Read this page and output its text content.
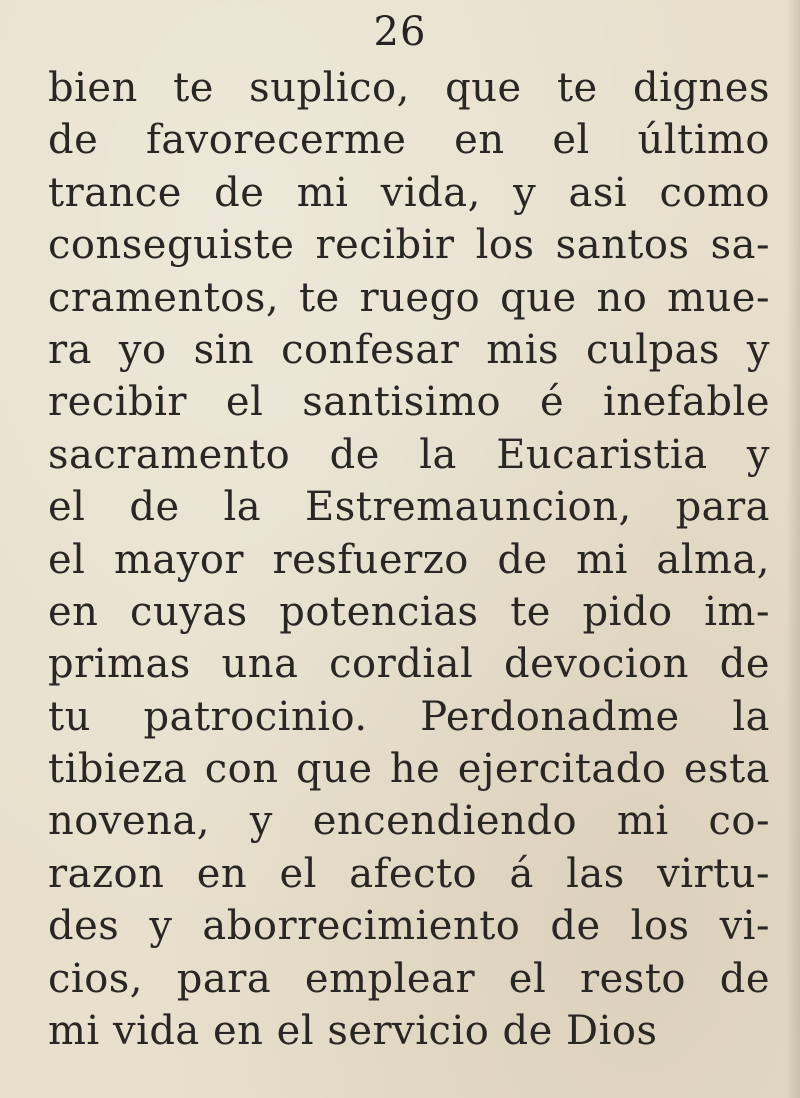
26
bien te suplico, que te dignes
de favorecerme en el último
trance de mi vida, y asi como
conseguiste recibir los santos sa-
cramentos, te ruego que no mue-
ra yo sin confesar mis culpas y
recibir el santisimo é inefable
sacramento de la Eucaristia y
el de la Estremauncion, para
el mayor resfuerzo de mi alma,
en cuyas potencias te pido im-
primas una cordial devocion de
tu patrocinio. Perdonadme la
tibieza con que he ejercitado esta
novena, y encendiendo mi co-
razon en el afecto á las virtu-
des y aborrecimiento de los vi-
cios, para emplear el resto de
mi vida en el servicio de Dios
